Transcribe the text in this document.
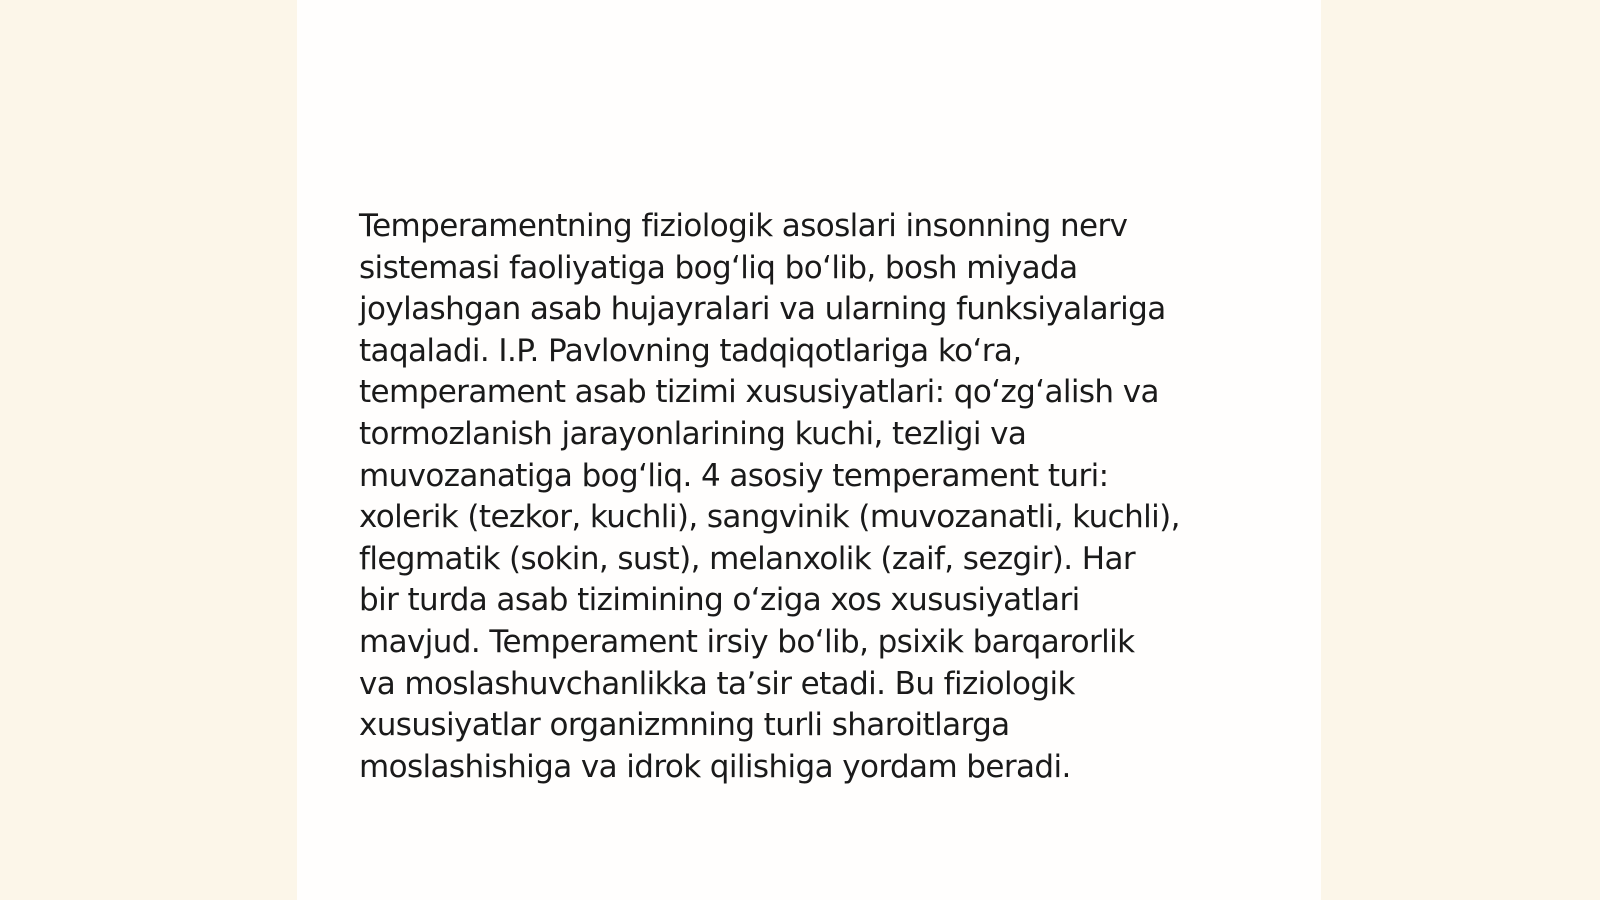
Temperamentning fiziologik asoslari insonning nerv
sistemasi faoliyatiga bog‘liq bo‘lib, bosh miyada
joylashgan asab hujayralari va ularning funksiyalariga
taqaladi. I.P. Pavlovning tadqiqotlariga ko‘ra,
temperament asab tizimi xususiyatlari: qo‘zg‘alish va
tormozlanish jarayonlarining kuchi, tezligi va
muvozanatiga bog‘liq. 4 asosiy temperament turi:
xolerik (tezkor, kuchli), sangvinik (muvozanatli, kuchli),
flegmatik (sokin, sust), melanxolik (zaif, sezgir). Har
bir turda asab tizimining o‘ziga xos xususiyatlari
mavjud. Temperament irsiy bo‘lib, psixik barqarorlik
va moslashuvchanlikka ta’sir etadi. Bu fiziologik
xususiyatlar organizmning turli sharoitlarga
moslashishiga va idrok qilishiga yordam beradi.
